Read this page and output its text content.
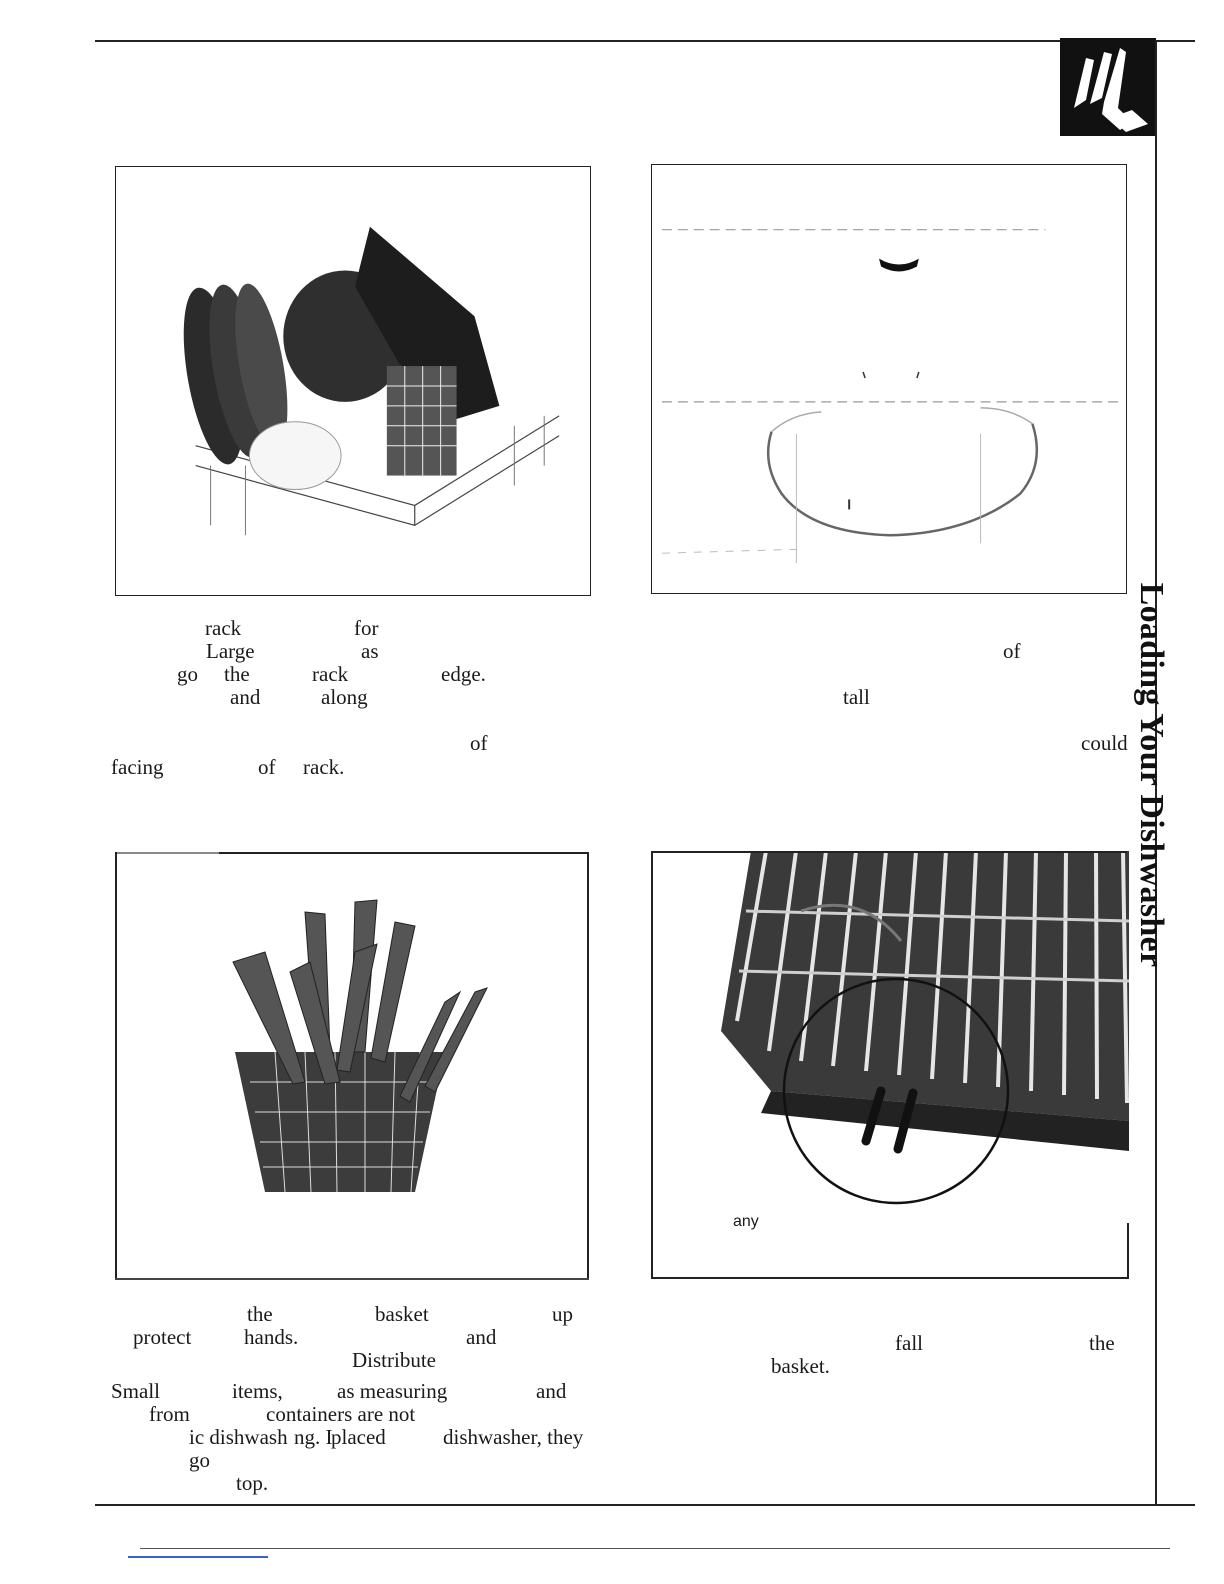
Loading Your Dishwasher
any
rack	for
Large	as
go the	rack	edge.
and	along
of
facing	of rack.
of
tall
could
the	basket	up
protect	hands.	and
Distribute
Small	items,	as measuring	and
from	containers are not
ic dishwash ng. I
placed	dishwasher, they
go
top.
fall	the
basket.
